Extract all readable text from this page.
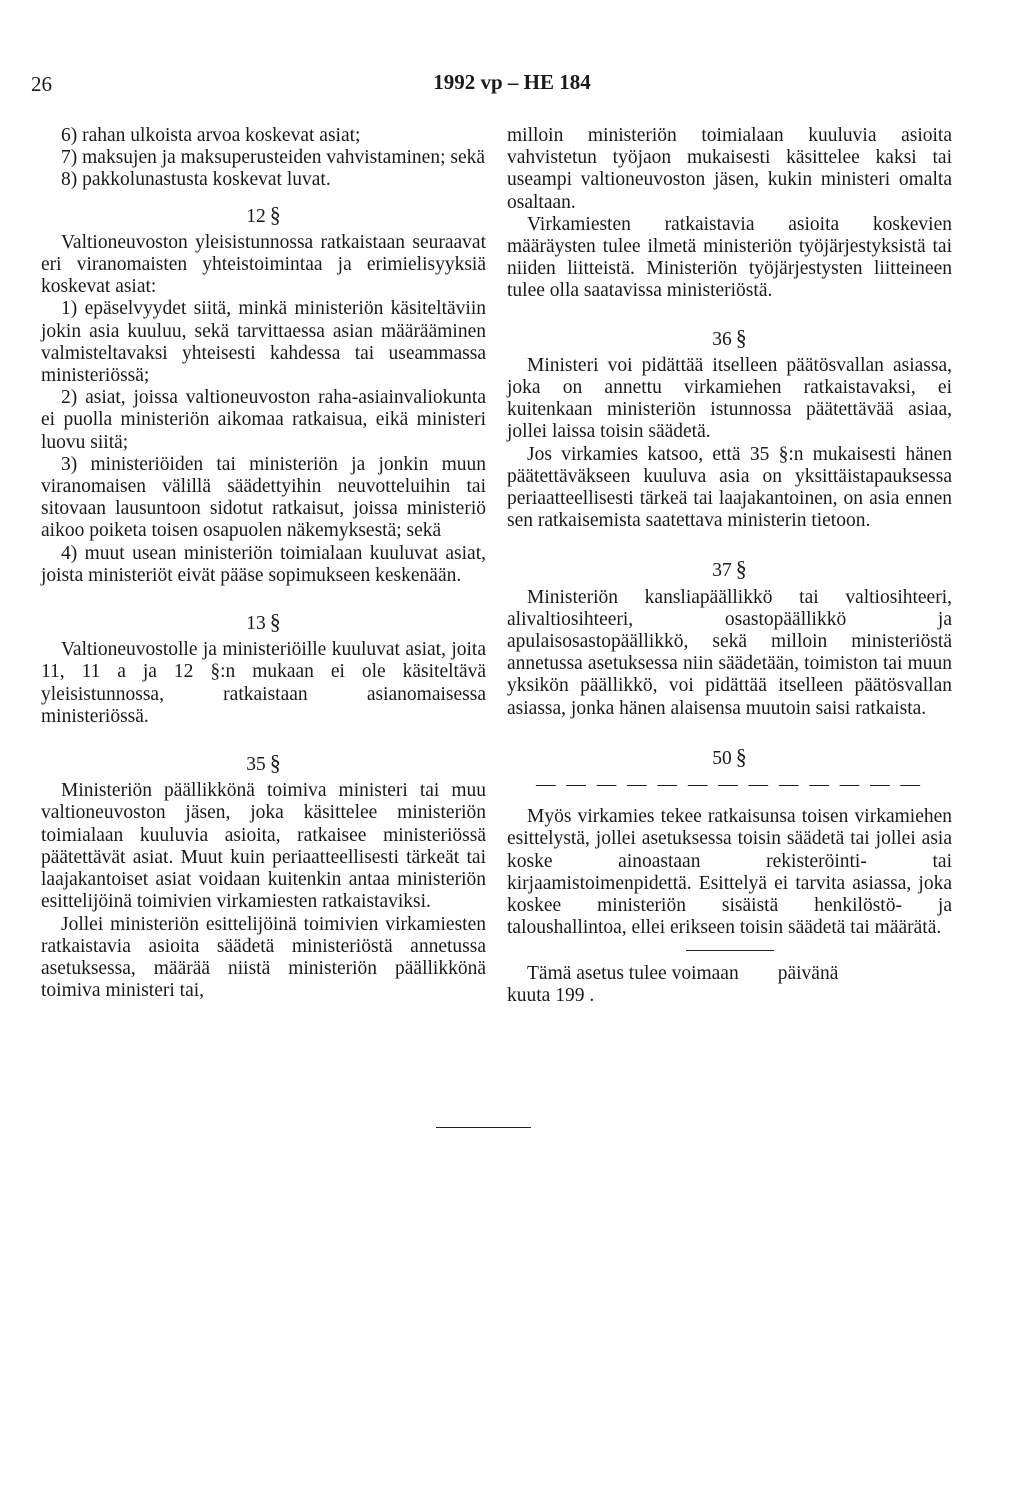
26	1992 vp – HE 184

6) rahan ulkoista arvoa koskevat asiat;

7) maksujen ja maksuperusteiden vahvistaminen; sekä

8) pakkolunastusta koskevat luvat.

12 §

Valtioneuvoston yleisistunnossa ratkaistaan seuraavat eri viranomaisten yhteistoimintaa ja erimielisyyksiä koskevat asiat:

1) epäselvyydet siitä, minkä ministeriön käsiteltäviin jokin asia kuuluu, sekä tarvittaessa asian määrääminen valmisteltavaksi yhteisesti kahdessa tai useammassa ministeriössä;

2) asiat, joissa valtioneuvoston raha-asiainvaliokunta ei puolla ministeriön aikomaa ratkaisua, eikä ministeri luovu siitä;

3) ministeriöiden tai ministeriön ja jonkin muun viranomaisen välillä säädettyihin neuvotteluihin tai sitovaan lausuntoon sidotut ratkaisut, joissa ministeriö aikoo poiketa toisen osapuolen näkemyksestä; sekä

4) muut usean ministeriön toimialaan kuuluvat asiat, joista ministeriöt eivät pääse sopimukseen keskenään.

13 §

Valtioneuvostolle ja ministeriöille kuuluvat asiat, joita 11, 11 a ja 12 §:n mukaan ei ole käsiteltävä yleisistunnossa, ratkaistaan asianomaisessa ministeriössä.

35 §

Ministeriön päällikkönä toimiva ministeri tai muu valtioneuvoston jäsen, joka käsittelee ministeriön toimialaan kuuluvia asioita, ratkaisee ministeriössä päätettävät asiat. Muut kuin periaatteellisesti tärkeät tai laajakantoiset asiat voidaan kuitenkin antaa ministeriön esittelijöinä toimivien virkamiesten ratkaistaviksi.

Jollei ministeriön esittelijöinä toimivien virkamiesten ratkaistavia asioita säädetä ministeriöstä annetussa asetuksessa, määrää niistä ministeriön päällikkönä toimiva ministeri tai,

milloin ministeriön toimialaan kuuluvia asioita vahvistetun työjaon mukaisesti käsittelee kaksi tai useampi valtioneuvoston jäsen, kukin ministeri omalta osaltaan.

Virkamiesten ratkaistavia asioita koskevien määräysten tulee ilmetä ministeriön työjärjestyksistä tai niiden liitteistä. Ministeriön työjärjestysten liitteineen tulee olla saatavissa ministeriöstä.

36 §

Ministeri voi pidättää itselleen päätösvallan asiassa, joka on annettu virkamiehen ratkaistavaksi, ei kuitenkaan ministeriön istunnossa päätettävää asiaa, jollei laissa toisin säädetä.

Jos virkamies katsoo, että 35 §:n mukaisesti hänen päätettäväkseen kuuluva asia on yksittäistapauksessa periaatteellisesti tärkeä tai laajakantoinen, on asia ennen sen ratkaisemista saatettava ministerin tietoon.

37 §

Ministeriön kansliapäällikkö tai valtiosihteeri, alivaltiosihteeri, osastopäällikkö ja apulaisosastopäällikkö, sekä milloin ministeriöstä annetussa asetuksessa niin säädetään, toimiston tai muun yksikön päällikkö, voi pidättää itselleen päätösvallan asiassa, jonka hänen alaisensa muutoin saisi ratkaista.

50 §
— — — — — — — — — — — — —

Myös virkamies tekee ratkaisunsa toisen virkamiehen esittelystä, jollei asetuksessa toisin säädetä tai jollei asia koske ainoastaan rekisteröinti- tai kirjaamistoimenpidettä. Esittelyä ei tarvita asiassa, joka koskee ministeriön sisäistä henkilöstö- ja taloushallintoa, ellei erikseen toisin säädetä tai määrätä.

Tämä asetus tulee voimaan        päivänä

kuuta 199 .
